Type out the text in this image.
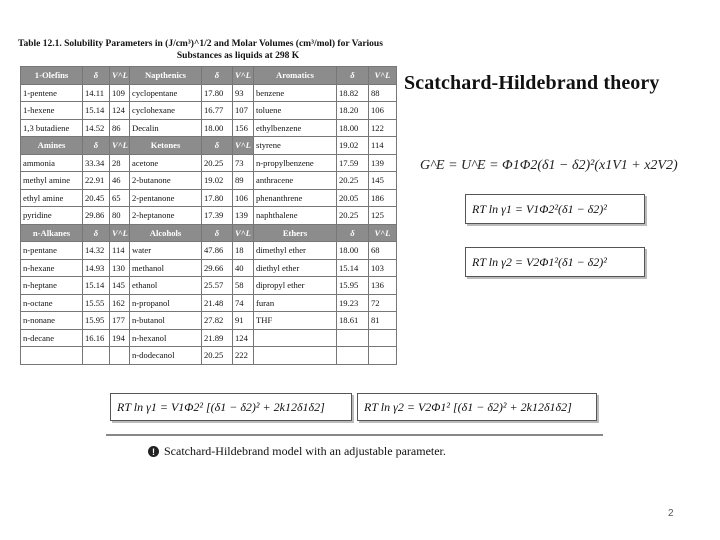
Table 12.1. Solubility Parameters in (J/cm³)^1/2 and Molar Volumes (cm³/mol) for Various
Substances as liquids at 298 K
1-Olefins	δ	V^L	Napthenics	δ	V^L	Aromatics	δ	V^L
1-pentene	14.11	109	cyclopentane	17.80	93	benzene	18.82	88
1-hexene	15.14	124	cyclohexane	16.77	107	toluene	18.20	106
1,3 butadiene	14.52	86	Decalin	18.00	156	ethylbenzene	18.00	122
Amines	δ	V^L	Ketones	δ	V^L	styrene	19.02	114
ammonia	33.34	28	acetone	20.25	73	n-propylbenzene	17.59	139
methyl amine	22.91	46	2-butanone	19.02	89	anthracene	20.25	145
ethyl amine	20.45	65	2-pentanone	17.80	106	phenanthrene	20.05	186
pyridine	29.86	80	2-heptanone	17.39	139	naphthalene	20.25	125
n-Alkanes	δ	V^L	Alcohols	δ	V^L	Ethers	δ	V^L
n-pentane	14.32	114	water	47.86	18	dimethyl ether	18.00	68
n-hexane	14.93	130	methanol	29.66	40	diethyl ether	15.14	103
n-heptane	15.14	145	ethanol	25.57	58	dipropyl ether	15.95	136
n-octane	15.55	162	n-propanol	21.48	74	furan	19.23	72
n-nonane	15.95	177	n-butanol	27.82	91	THF	18.61	81
n-decane	16.16	194	n-hexanol	21.89	124			
			n-dodecanol	20.25	222			
Scatchard-Hildebrand theory
G^E = U^E = Φ1Φ2(δ1 − δ2)²(x1V1 + x2V2)
RT ln γ1 = V1Φ2²(δ1 − δ2)²
RT ln γ2 = V2Φ1²(δ1 − δ2)²
RT ln γ1 = V1Φ2² [(δ1 − δ2)² + 2k12δ1δ2]	RT ln γ2 = V2Φ1² [(δ1 − δ2)² + 2k12δ1δ2]
! Scatchard-Hildebrand model with an adjustable parameter.
2
